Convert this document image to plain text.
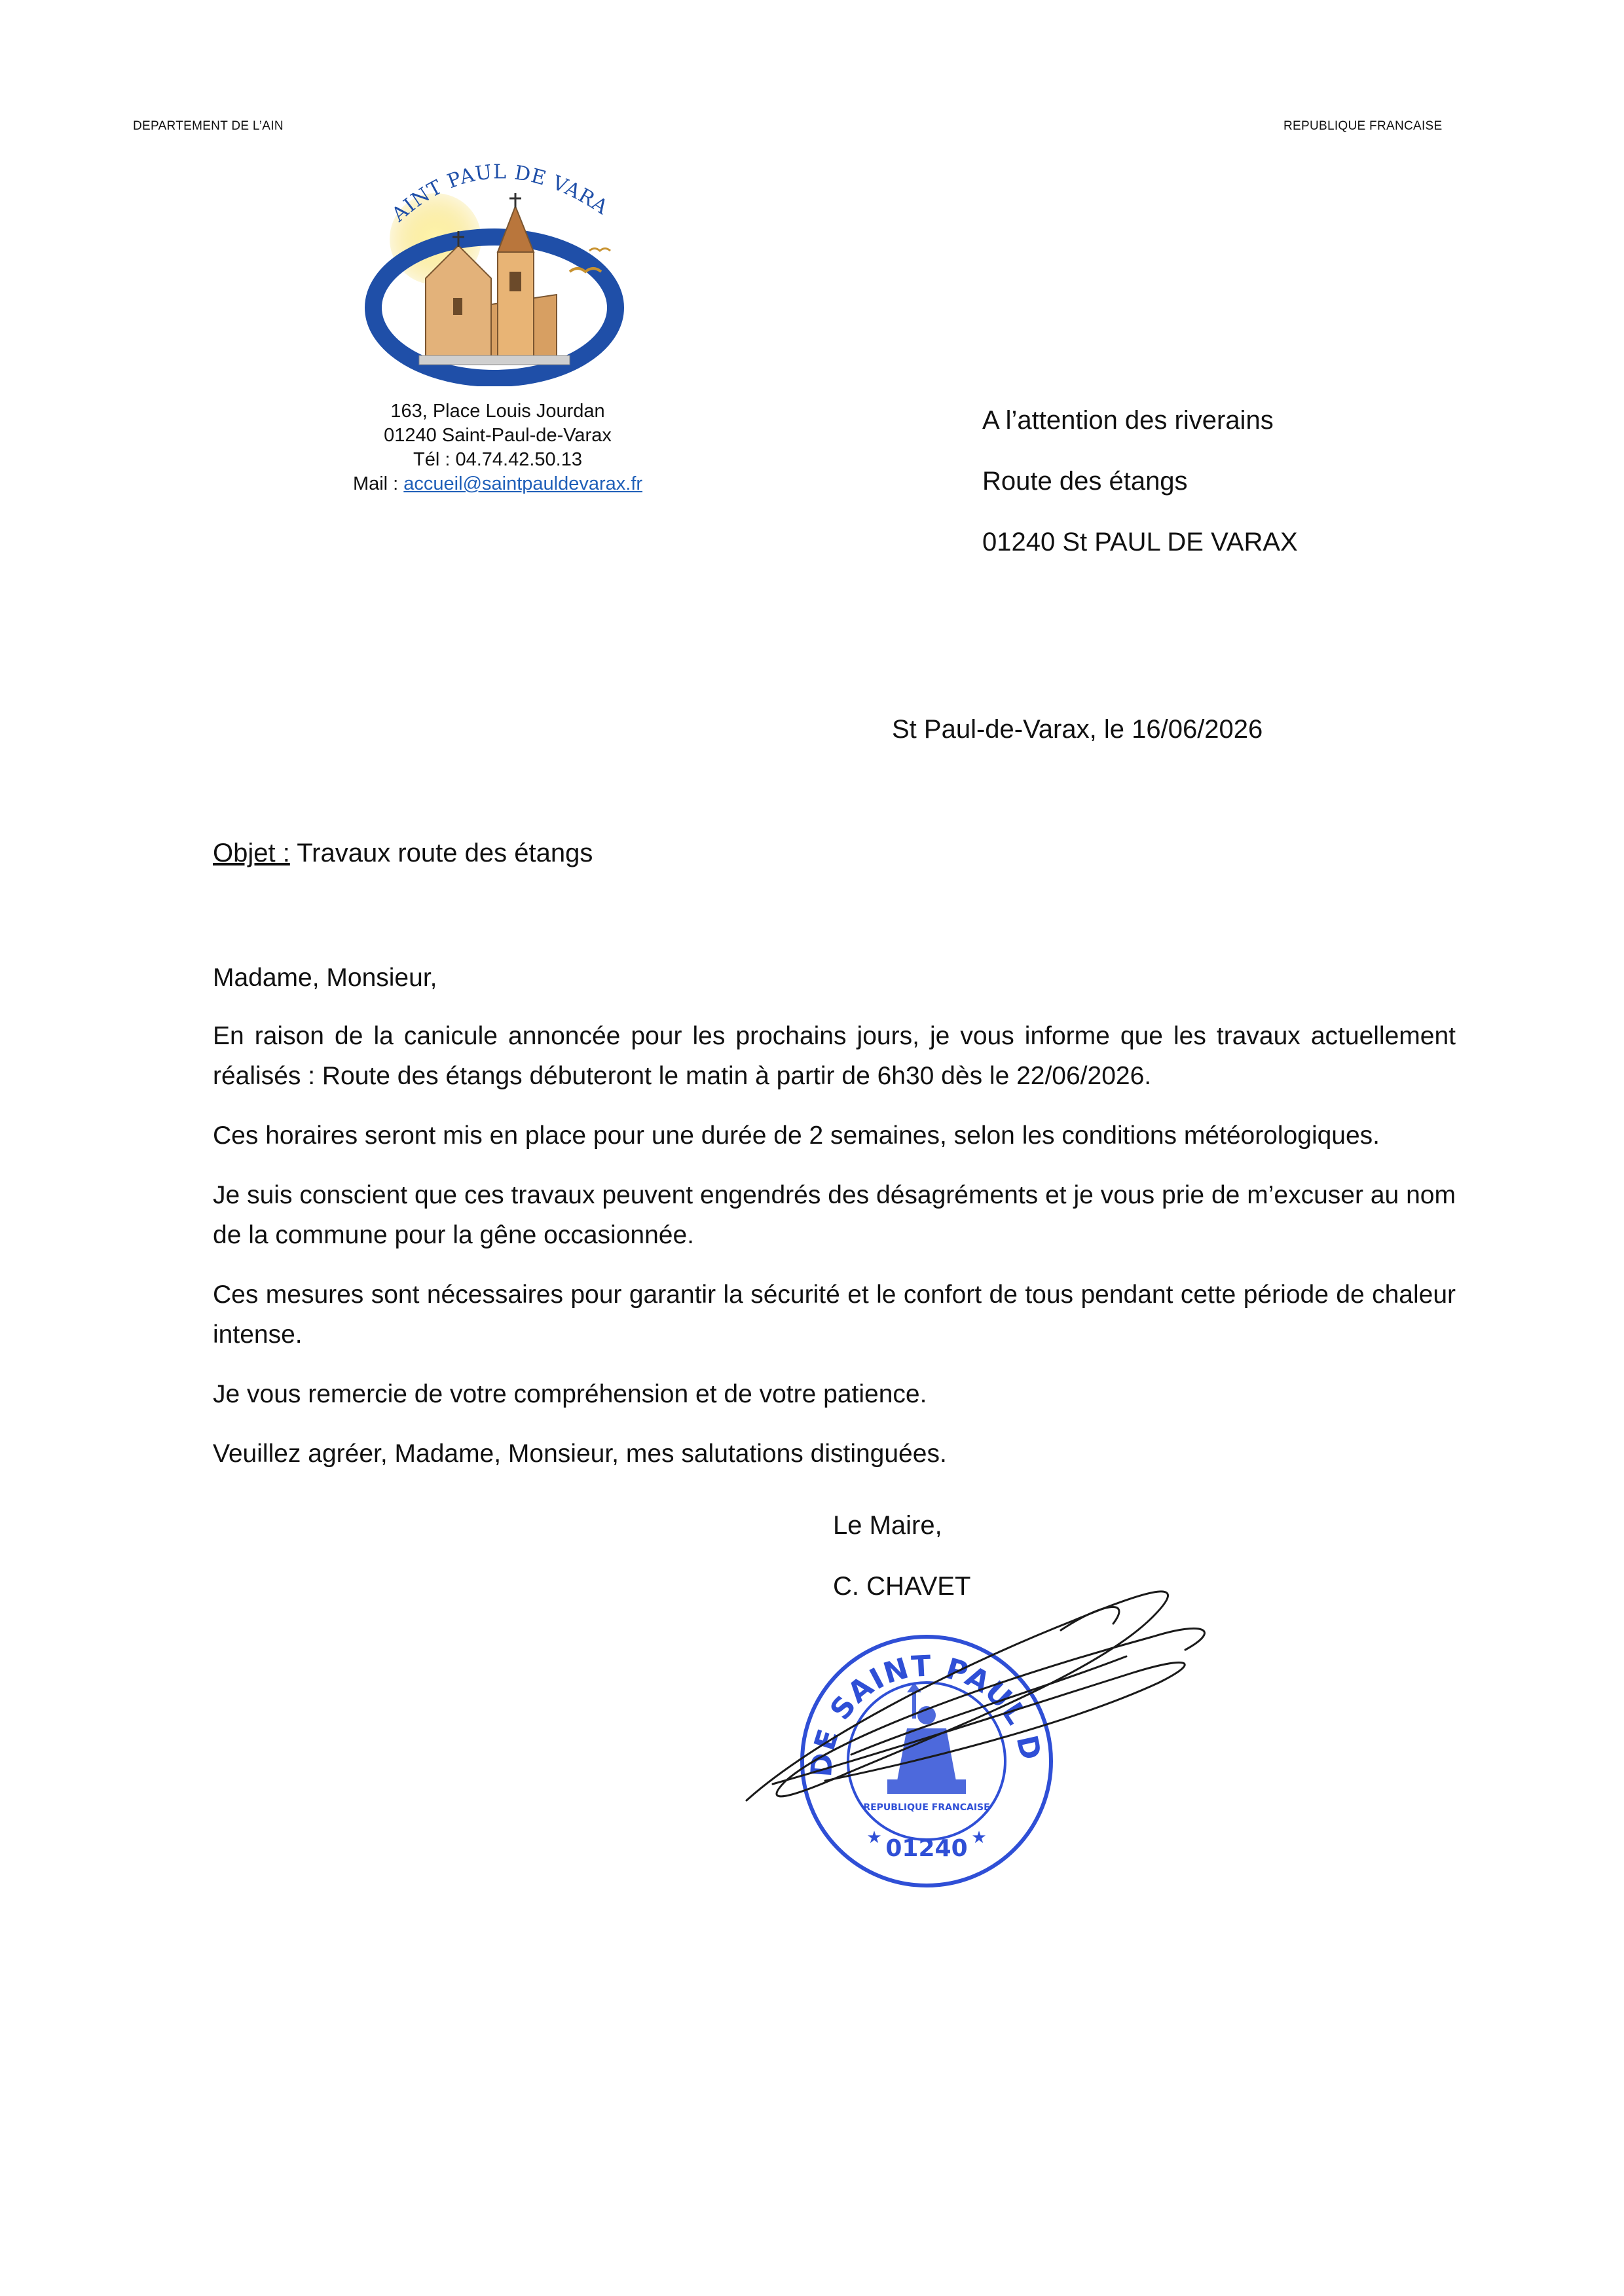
DEPARTEMENT DE L’AIN	REPUBLIQUE FRANCAISE
AINT PAUL DE VARA
163, Place Louis Jourdan
01240 Saint-Paul-de-Varax
Tél : 04.74.42.50.13
Mail : accueil@saintpauldevarax.fr
A l’attention des riverains
Route des étangs
01240 St PAUL DE VARAX
St Paul-de-Varax, le 16/06/2026
Objet : Travaux route des étangs

Madame, Monsieur,

En raison de la canicule annoncée pour les prochains jours, je vous informe que les travaux actuellement réalisés : Route des étangs débuteront le matin à partir de 6h30 dès le 22/06/2026.

Ces horaires seront mis en place pour une durée de 2 semaines, selon les conditions météorologiques.

Je suis conscient que ces travaux peuvent engendrés des désagréments et je vous prie de m’excuser au nom de la commune pour la gêne occasionnée.

Ces mesures sont nécessaires pour garantir la sécurité et le confort de tous pendant cette période de chaleur intense.

Je vous remercie de votre compréhension et de votre patience.

Veuillez agréer, Madame, Monsieur, mes salutations distinguées.

Le Maire,
C. CHAVET
DE SAINT PAUL D
REPUBLIQUE FRANCAISE
★	★
01240
